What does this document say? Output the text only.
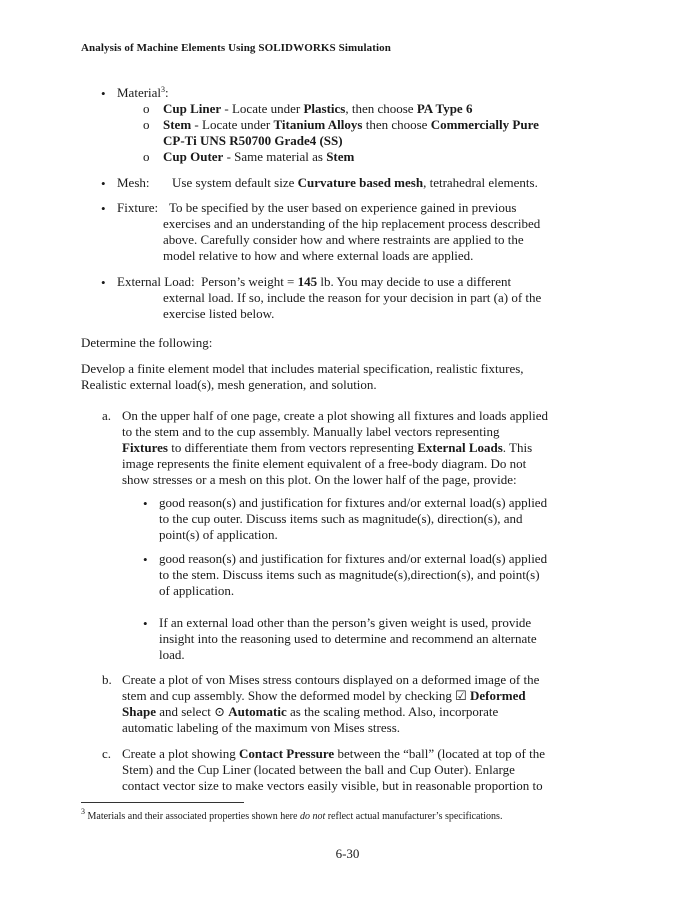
Analysis of Machine Elements Using SOLIDWORKS Simulation
• Material$^3$:
o Cup Liner - Locate under Plastics, then choose PA Type 6
o Stem - Locate under Titanium Alloys then choose Commercially Pure
CP-Ti UNS R50700 Grade4 (SS)
o Cup Outer - Same material as Stem
• Mesh: Use system default size Curvature based mesh, tetrahedral elements.
• Fixture: To be specified by the user based on experience gained in previous
exercises and an understanding of the hip replacement process described
above. Carefully consider how and where restraints are applied to the
model relative to how and where external loads are applied.
• External Load: Person’s weight = 145 lb. You may decide to use a different
external load. If so, include the reason for your decision in part (a) of the
exercise listed below.
Determine the following:
Develop a finite element model that includes material specification, realistic fixtures,
Realistic external load(s), mesh generation, and solution.
a. On the upper half of one page, create a plot showing all fixtures and loads applied
to the stem and to the cup assembly. Manually label vectors representing
Fixtures to differentiate them from vectors representing External Loads. This
image represents the finite element equivalent of a free-body diagram. Do not
show stresses or a mesh on this plot. On the lower half of the page, provide:
• good reason(s) and justification for fixtures and/or external load(s) applied
to the cup outer. Discuss items such as magnitude(s), direction(s), and
point(s) of application.
• good reason(s) and justification for fixtures and/or external load(s) applied
to the stem. Discuss items such as magnitude(s),direction(s), and point(s)
of application.
• If an external load other than the person’s given weight is used, provide
insight into the reasoning used to determine and recommend an alternate
load.
b. Create a plot of von Mises stress contours displayed on a deformed image of the
stem and cup assembly. Show the deformed model by checking ☑ Deformed
Shape and select ⊙ Automatic as the scaling method. Also, incorporate
automatic labeling of the maximum von Mises stress.
c. Create a plot showing Contact Pressure between the “ball” (located at top of the
Stem) and the Cup Liner (located between the ball and Cup Outer). Enlarge
contact vector size to make vectors easily visible, but in reasonable proportion to
$^3$ Materials and their associated properties shown here do not reflect actual manufacturer’s specifications.
6-30
